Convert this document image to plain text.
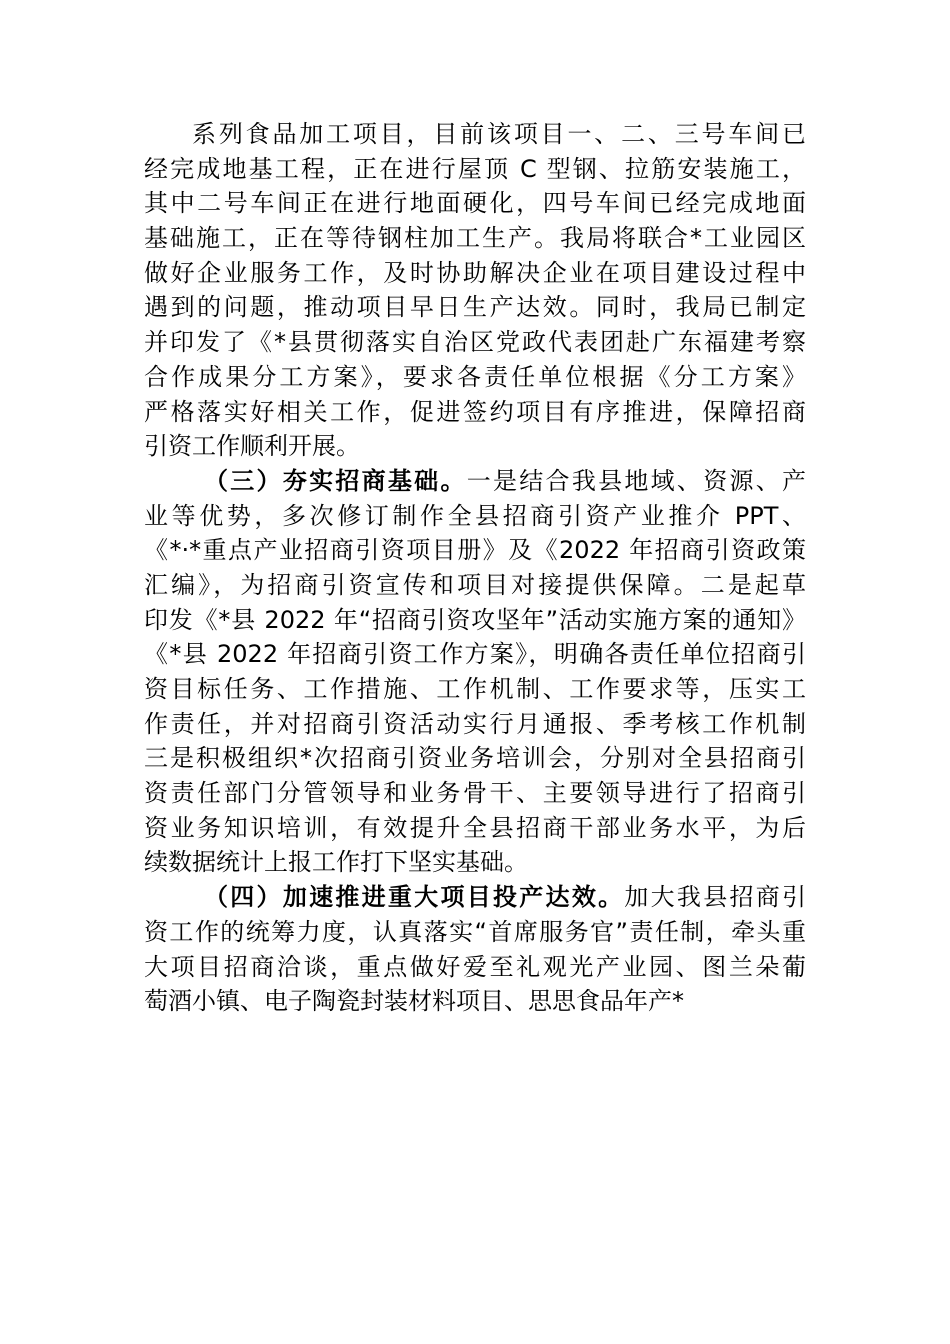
系列食品加工项目，目前该项目一、二、三号车间已
经完成地基工程，正在进行屋顶 C 型钢、拉筋安装施工，
其中二号车间正在进行地面硬化，四号车间已经完成地面
基础施工，正在等待钢柱加工生产。我局将联合*工业园区
做好企业服务工作，及时协助解决企业在项目建设过程中
遇到的问题，推动项目早日生产达效。同时，我局已制定
并印发了《*县贯彻落实自治区党政代表团赴广东福建考察
合作成果分工方案》，要求各责任单位根据《分工方案》
严格落实好相关工作，促进签约项目有序推进，保障招商
引资工作顺利开展。
（三）夯实招商基础。一是结合我县地域、资源、产
业等优势，多次修订制作全县招商引资产业推介 PPT、
《*·*重点产业招商引资项目册》及《2022 年招商引资政策
汇编》，为招商引资宣传和项目对接提供保障。二是起草
印发《*县 2022 年“招商引资攻坚年”活动实施方案的通知》
《*县 2022 年招商引资工作方案》，明确各责任单位招商引
资目标任务、工作措施、工作机制、工作要求等，压实工
作责任，并对招商引资活动实行月通报、季考核工作机制
三是积极组织*次招商引资业务培训会，分别对全县招商引
资责任部门分管领导和业务骨干、主要领导进行了招商引
资业务知识培训，有效提升全县招商干部业务水平，为后
续数据统计上报工作打下坚实基础。
（四）加速推进重大项目投产达效。加大我县招商引
资工作的统筹力度，认真落实“首席服务官”责任制，牵头重
大项目招商洽谈，重点做好爱至礼观光产业园、图兰朵葡
萄酒小镇、电子陶瓷封装材料项目、思思食品年产*
